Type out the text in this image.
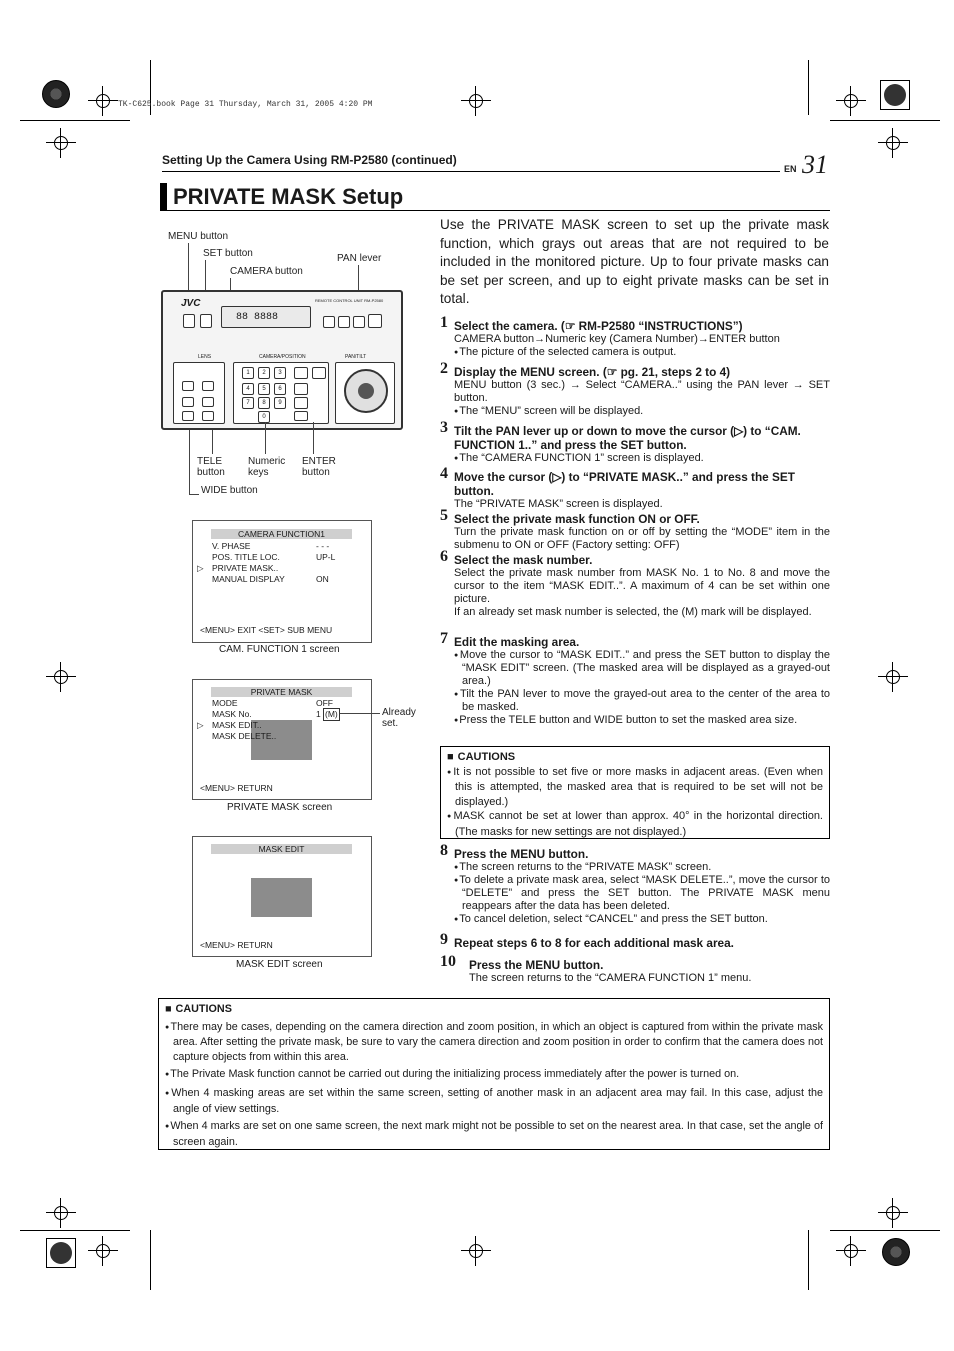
TK-C625.book Page 31 Thursday, March 31, 2005 4:20 PM
Setting Up the Camera Using RM-P2580 (continued)
EN 31
PRIVATE MASK Setup
MENU button
SET button
CAMERA button
PAN lever
JVC	REMOTE CONTROL UNIT RM-P2580
88 8888
LENS	CAMERA/POSITION	PAN/TILT
1	2	3
4	5	6
7	8	9
0
TELE button
Numeric keys
ENTER button
WIDE button
CAMERA FUNCTION1
V. PHASE	- - -
POS. TITLE LOC.	UP-L
▷ PRIVATE MASK..
MANUAL DISPLAY	ON
<MENU> EXIT <SET> SUB MENU
CAM. FUNCTION 1 screen
PRIVATE MASK
MODE	OFF
MASK No.	1 (M)
▷ MASK EDIT..
MASK DELETE..
<MENU> RETURN
Already set.
PRIVATE MASK screen
MASK EDIT
<MENU> RETURN
MASK EDIT screen
Use the PRIVATE MASK screen to set up the private mask function, which grays out areas that are not required to be included in the monitored picture. Up to four private masks can be set per screen, and up to eight private masks can be set in total.
1 Select the camera. (☞ RM-P2580 “INSTRUCTIONS”)
CAMERA button→Numeric key (Camera Number)→ENTER button
● The picture of the selected camera is output.
2 Display the MENU screen. (☞ pg. 21, steps 2 to 4)
MENU button (3 sec.) → Select “CAMERA..” using the PAN lever → SET button.
● The “MENU” screen will be displayed.
3 Tilt the PAN lever up or down to move the cursor (▷) to “CAM. FUNCTION 1..” and press the SET button.
● The “CAMERA FUNCTION 1” screen is displayed.
4 Move the cursor (▷) to “PRIVATE MASK..” and press the SET button.
The “PRIVATE MASK” screen is displayed.
5 Select the private mask function ON or OFF.
Turn the private mask function on or off by setting the “MODE” item in the submenu to ON or OFF (Factory setting: OFF)
6 Select the mask number.
Select the private mask number from MASK No. 1 to No. 8 and move the cursor to the item “MASK EDIT..”. A maximum of 4 can be set within one picture.
If an already set mask number is selected, the (M) mark will be displayed.
7 Edit the masking area.
● Move the cursor to “MASK EDIT..” and press the SET button to display the “MASK EDIT” screen. (The masked area will be displayed as a grayed-out area.)
● Tilt the PAN lever to move the grayed-out area to the center of the area to be masked.
● Press the TELE button and WIDE button to set the masked area size.
■ CAUTIONS
● It is not possible to set five or more masks in adjacent areas. (Even when this is attempted, the masked area that is required to be set will not be displayed.)
● MASK cannot be set at lower than approx. 40° in the horizontal direction. (The masks for new settings are not displayed.)
8 Press the MENU button.
● The screen returns to the “PRIVATE MASK” screen.
● To delete a private mask area, select “MASK DELETE..”, move the cursor to “DELETE” and press the SET button. The PRIVATE MASK menu reappears after the data has been deleted.
● To cancel deletion, select “CANCEL” and press the SET button.
9 Repeat steps 6 to 8 for each additional mask area.
10 Press the MENU button.
The screen returns to the “CAMERA FUNCTION 1” menu.
■ CAUTIONS
● There may be cases, depending on the camera direction and zoom position, in which an object is captured from within the private mask area. After setting the private mask, be sure to vary the camera direction and zoom position in order to confirm that the camera does not capture objects from within this area.
● The Private Mask function cannot be carried out during the initializing process immediately after the power is turned on.
● When 4 masking areas are set within the same screen, setting of another mask in an adjacent area may fail. In this case, adjust the angle of view settings.
● When 4 marks are set on one same screen, the next mark might not be possible to set on the nearest area. In that case, set the angle of screen again.
